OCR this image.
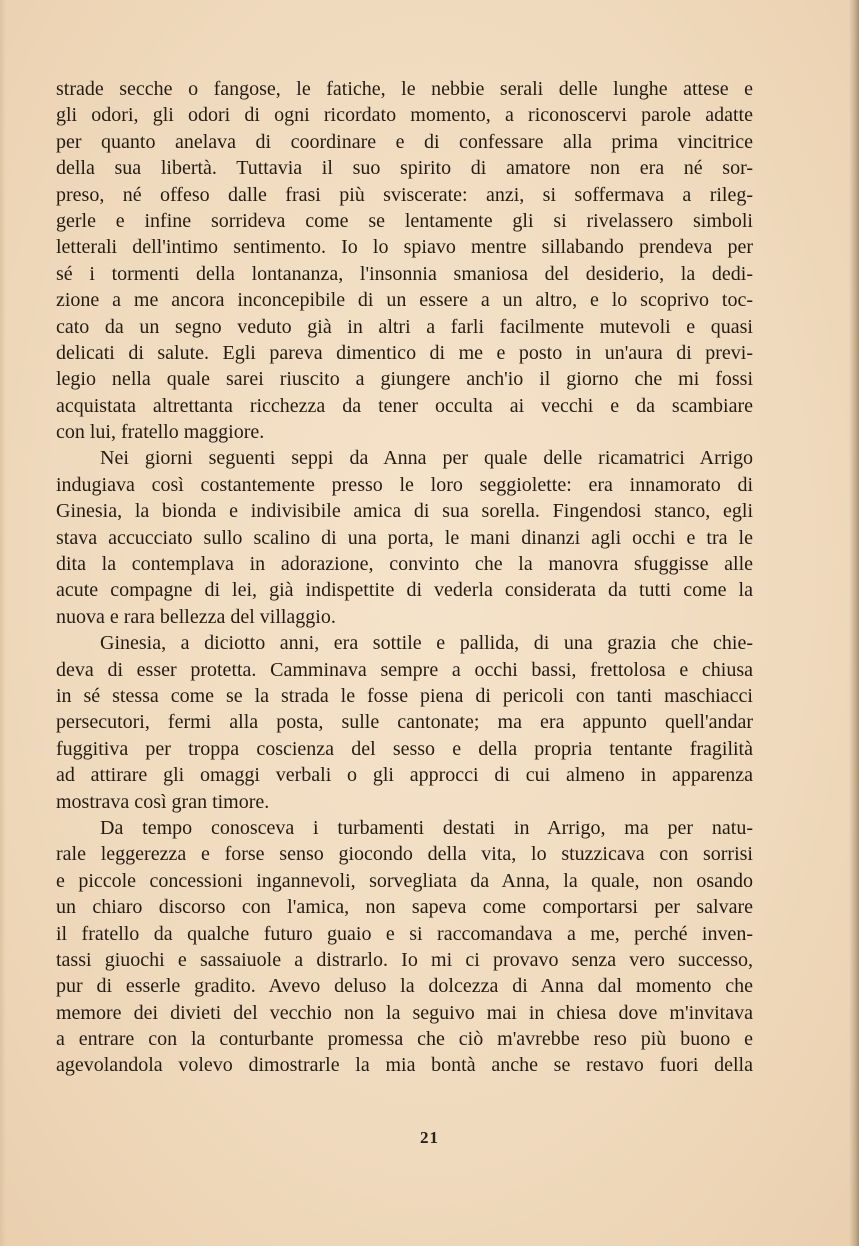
strade secche o fangose, le fatiche, le nebbie serali delle lunghe attese e
gli odori, gli odori di ogni ricordato momento, a riconoscervi parole adatte
per quanto anelava di coordinare e di confessare alla prima vincitrice
della sua libertà. Tuttavia il suo spirito di amatore non era né sor-
preso, né offeso dalle frasi più sviscerate: anzi, si soffermava a rileg-
gerle e infine sorrideva come se lentamente gli si rivelassero simboli
letterali dell'intimo sentimento. Io lo spiavo mentre sillabando prendeva per
sé i tormenti della lontananza, l'insonnia smaniosa del desiderio, la dedi-
zione a me ancora inconcepibile di un essere a un altro, e lo scoprivo toc-
cato da un segno veduto già in altri a farli facilmente mutevoli e quasi
delicati di salute. Egli pareva dimentico di me e posto in un'aura di previ-
legio nella quale sarei riuscito a giungere anch'io il giorno che mi fossi
acquistata altrettanta ricchezza da tener occulta ai vecchi e da scambiare
con lui, fratello maggiore.
Nei giorni seguenti seppi da Anna per quale delle ricamatrici Arrigo
indugiava così costantemente presso le loro seggiolette: era innamorato di
Ginesia, la bionda e indivisibile amica di sua sorella. Fingendosi stanco, egli
stava accucciato sullo scalino di una porta, le mani dinanzi agli occhi e tra le
dita la contemplava in adorazione, convinto che la manovra sfuggisse alle
acute compagne di lei, già indispettite di vederla considerata da tutti come la
nuova e rara bellezza del villaggio.
Ginesia, a diciotto anni, era sottile e pallida, di una grazia che chie-
deva di esser protetta. Camminava sempre a occhi bassi, frettolosa e chiusa
in sé stessa come se la strada le fosse piena di pericoli con tanti maschiacci
persecutori, fermi alla posta, sulle cantonate; ma era appunto quell'andar
fuggitiva per troppa coscienza del sesso e della propria tentante fragilità
ad attirare gli omaggi verbali o gli approcci di cui almeno in apparenza
mostrava così gran timore.
Da tempo conosceva i turbamenti destati in Arrigo, ma per natu-
rale leggerezza e forse senso giocondo della vita, lo stuzzicava con sorrisi
e piccole concessioni ingannevoli, sorvegliata da Anna, la quale, non osando
un chiaro discorso con l'amica, non sapeva come comportarsi per salvare
il fratello da qualche futuro guaio e si raccomandava a me, perché inven-
tassi giuochi e sassaiuole a distrarlo. Io mi ci provavo senza vero successo,
pur di esserle gradito. Avevo deluso la dolcezza di Anna dal momento che
memore dei divieti del vecchio non la seguivo mai in chiesa dove m'invitava
a entrare con la conturbante promessa che ciò m'avrebbe reso più buono e
agevolandola volevo dimostrarle la mia bontà anche se restavo fuori della
21
